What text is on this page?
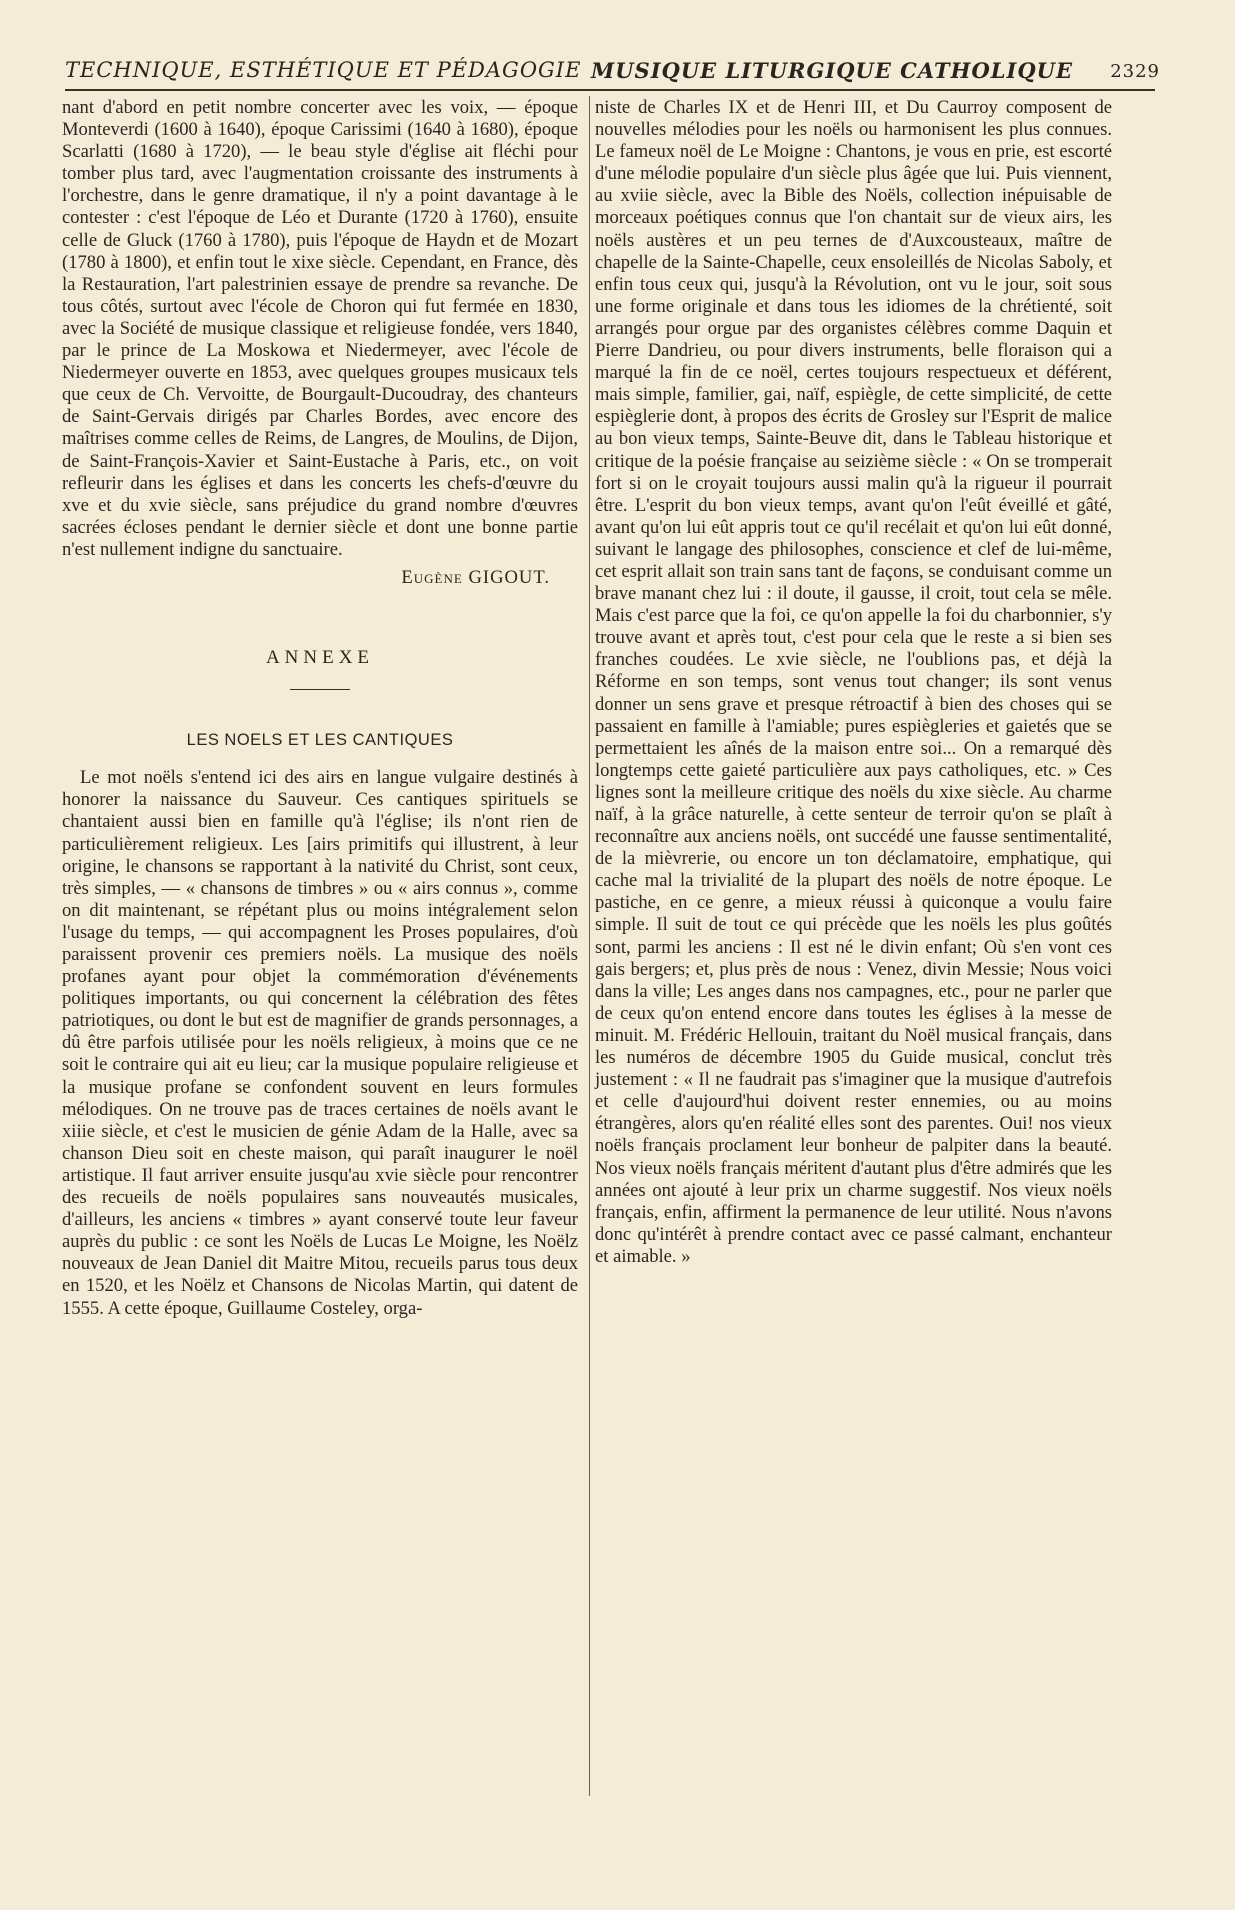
TECHNIQUE, ESTHÉTIQUE ET PÉDAGOGIE MUSIQUE LITURGIQUE CATHOLIQUE 2329

nant d'abord en petit nombre concerter avec les voix, — époque Monteverdi (1600 à 1640), époque Carissimi (1640 à 1680), époque Scarlatti (1680 à 1720), — le beau style d'église ait fléchi pour tomber plus tard, avec l'augmentation croissante des instruments à l'orchestre, dans le genre dramatique, il n'y a point davantage à le contester : c'est l'époque de Léo et Durante (1720 à 1760), ensuite celle de Gluck (1760 à 1780), puis l'époque de Haydn et de Mozart (1780 à 1800), et enfin tout le xixe siècle. Cependant, en France, dès la Restauration, l'art palestrinien essaye de prendre sa revanche. De tous côtés, surtout avec l'école de Choron qui fut fermée en 1830, avec la Société de musique classique et religieuse fondée, vers 1840, par le prince de La Moskowa et Niedermeyer, avec l'école de Niedermeyer ouverte en 1853, avec quelques groupes musicaux tels que ceux de Ch. Vervoitte, de Bourgault-Ducoudray, des chanteurs de Saint-Gervais dirigés par Charles Bordes, avec encore des maîtrises comme celles de Reims, de Langres, de Moulins, de Dijon, de Saint-François-Xavier et Saint-Eustache à Paris, etc., on voit refleurir dans les églises et dans les concerts les chefs-d'œuvre du xve et du xvie siècle, sans préjudice du grand nombre d'œuvres sacrées écloses pendant le dernier siècle et dont une bonne partie n'est nullement indigne du sanctuaire.

Eugène GIGOUT.

ANNEXE

LES NOELS ET LES CANTIQUES

Le mot noëls s'entend ici des airs en langue vulgaire destinés à honorer la naissance du Sauveur. Ces cantiques spirituels se chantaient aussi bien en famille qu'à l'église; ils n'ont rien de particulièrement religieux. Les [airs primitifs qui illustrent, à leur origine, le chansons se rapportant à la nativité du Christ, sont ceux, très simples, — « chansons de timbres » ou « airs connus », comme on dit maintenant, se répétant plus ou moins intégralement selon l'usage du temps, — qui accompagnent les Proses populaires, d'où paraissent provenir ces premiers noëls. La musique des noëls profanes ayant pour objet la commémoration d'événements politiques importants, ou qui concernent la célébration des fêtes patriotiques, ou dont le but est de magnifier de grands personnages, a dû être parfois utilisée pour les noëls religieux, à moins que ce ne soit le contraire qui ait eu lieu; car la musique populaire religieuse et la musique profane se confondent souvent en leurs formules mélodiques. On ne trouve pas de traces certaines de noëls avant le xiiie siècle, et c'est le musicien de génie Adam de la Halle, avec sa chanson Dieu soit en cheste maison, qui paraît inaugurer le noël artistique. Il faut arriver ensuite jusqu'au xvie siècle pour rencontrer des recueils de noëls populaires sans nouveautés musicales, d'ailleurs, les anciens « timbres » ayant conservé toute leur faveur auprès du public : ce sont les Noëls de Lucas Le Moigne, les Noëlz nouveaux de Jean Daniel dit Maitre Mitou, recueils parus tous deux en 1520, et les Noëlz et Chansons de Nicolas Martin, qui datent de 1555. A cette époque, Guillaume Costeley, orga-

niste de Charles IX et de Henri III, et Du Caurroy composent de nouvelles mélodies pour les noëls ou harmonisent les plus connues. Le fameux noël de Le Moigne : Chantons, je vous en prie, est escorté d'une mélodie populaire d'un siècle plus âgée que lui. Puis viennent, au xviie siècle, avec la Bible des Noëls, collection inépuisable de morceaux poétiques connus que l'on chantait sur de vieux airs, les noëls austères et un peu ternes de d'Auxcousteaux, maître de chapelle de la Sainte-Chapelle, ceux ensoleillés de Nicolas Saboly, et enfin tous ceux qui, jusqu'à la Révolution, ont vu le jour, soit sous une forme originale et dans tous les idiomes de la chrétienté, soit arrangés pour orgue par des organistes célèbres comme Daquin et Pierre Dandrieu, ou pour divers instruments, belle floraison qui a marqué la fin de ce noël, certes toujours respectueux et déférent, mais simple, familier, gai, naïf, espiègle, de cette simplicité, de cette espièglerie dont, à propos des écrits de Grosley sur l'Esprit de malice au bon vieux temps, Sainte-Beuve dit, dans le Tableau historique et critique de la poésie française au seizième siècle : « On se tromperait fort si on le croyait toujours aussi malin qu'à la rigueur il pourrait être. L'esprit du bon vieux temps, avant qu'on l'eût éveillé et gâté, avant qu'on lui eût appris tout ce qu'il recélait et qu'on lui eût donné, suivant le langage des philosophes, conscience et clef de lui-même, cet esprit allait son train sans tant de façons, se conduisant comme un brave manant chez lui : il doute, il gausse, il croit, tout cela se mêle. Mais c'est parce que la foi, ce qu'on appelle la foi du charbonnier, s'y trouve avant et après tout, c'est pour cela que le reste a si bien ses franches coudées. Le xvie siècle, ne l'oublions pas, et déjà la Réforme en son temps, sont venus tout changer; ils sont venus donner un sens grave et presque rétroactif à bien des choses qui se passaient en famille à l'amiable; pures espiègleries et gaietés que se permettaient les aînés de la maison entre soi... On a remarqué dès longtemps cette gaieté particulière aux pays catholiques, etc. » Ces lignes sont la meilleure critique des noëls du xixe siècle. Au charme naïf, à la grâce naturelle, à cette senteur de terroir qu'on se plaît à reconnaître aux anciens noëls, ont succédé une fausse sentimentalité, de la mièvrerie, ou encore un ton déclamatoire, emphatique, qui cache mal la trivialité de la plupart des noëls de notre époque. Le pastiche, en ce genre, a mieux réussi à quiconque a voulu faire simple. Il suit de tout ce qui précède que les noëls les plus goûtés sont, parmi les anciens : Il est né le divin enfant; Où s'en vont ces gais bergers; et, plus près de nous : Venez, divin Messie; Nous voici dans la ville; Les anges dans nos campagnes, etc., pour ne parler que de ceux qu'on entend encore dans toutes les églises à la messe de minuit. M. Frédéric Hellouin, traitant du Noël musical français, dans les numéros de décembre 1905 du Guide musical, conclut très justement : « Il ne faudrait pas s'imaginer que la musique d'autrefois et celle d'aujourd'hui doivent rester ennemies, ou au moins étrangères, alors qu'en réalité elles sont des parentes. Oui! nos vieux noëls français proclament leur bonheur de palpiter dans la beauté. Nos vieux noëls français méritent d'autant plus d'être admirés que les années ont ajouté à leur prix un charme suggestif. Nos vieux noëls français, enfin, affirment la permanence de leur utilité. Nous n'avons donc qu'intérêt à prendre contact avec ce passé calmant, enchanteur et aimable. »
